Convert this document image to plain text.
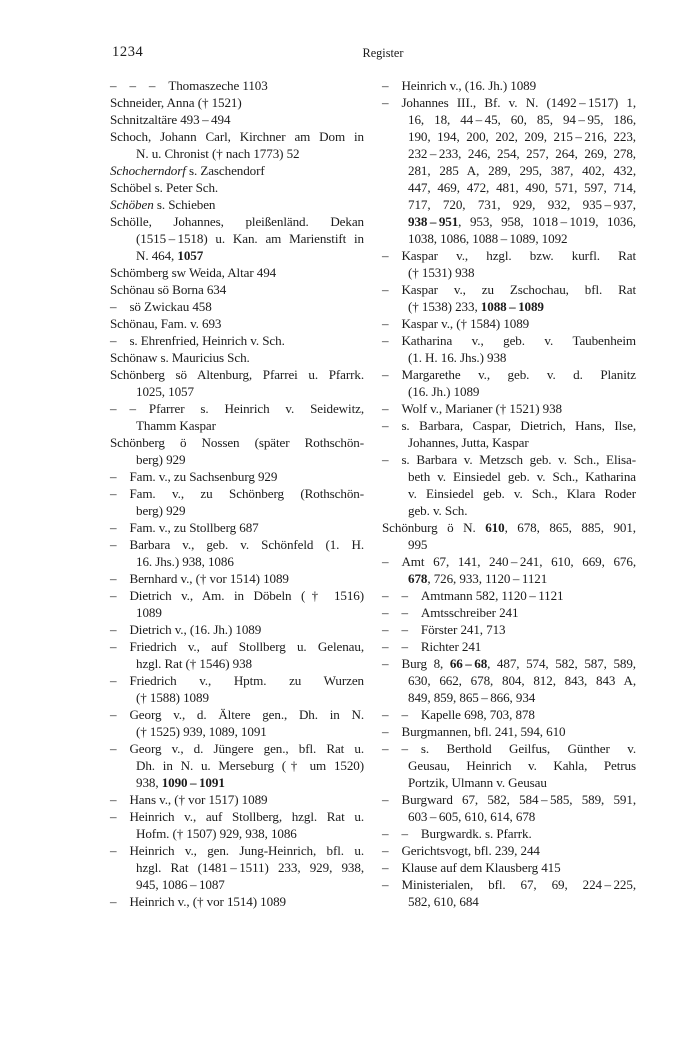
1234	Register
– – – Thomaszeche 1103
Schneider, Anna († 1521)
Schnitzaltäre 493 – 494
Schoch, Johann Carl, Kirchner am Dom in
N. u. Chronist († nach 1773) 52
Schocherndorf s. Zaschendorf
Schöbel s. Peter Sch.
Schöben s. Schieben
Schölle, Johannes, pleißenländ. Dekan
(1515 – 1518) u. Kan. am Marienstift in
N. 464, 1057
Schömberg sw Weida, Altar 494
Schönau sö Borna 634
– sö Zwickau 458
Schönau, Fam. v. 693
– s. Ehrenfried, Heinrich v. Sch.
Schönaw s. Mauricius Sch.
Schönberg sö Altenburg, Pfarrei u. Pfarrk.
1025, 1057
– – Pfarrer s. Heinrich v. Seidewitz,
Thamm Kaspar
Schönberg ö Nossen (später Rothschön-
berg) 929
– Fam. v., zu Sachsenburg 929
– Fam. v., zu Schönberg (Rothschön-
berg) 929
– Fam. v., zu Stollberg 687
– Barbara v., geb. v. Schönfeld (1. H.
16. Jhs.) 938, 1086
– Bernhard v., († vor 1514) 1089
– Dietrich v., Am. in Döbeln († 1516)
1089
– Dietrich v., (16. Jh.) 1089
– Friedrich v., auf Stollberg u. Gelenau,
hzgl. Rat († 1546) 938
– Friedrich v., Hptm. zu Wurzen
(† 1588) 1089
– Georg v., d. Ältere gen., Dh. in N.
(† 1525) 939, 1089, 1091
– Georg v., d. Jüngere gen., bfl. Rat u.
Dh. in N. u. Merseburg († um 1520)
938, 1090 – 1091
– Hans v., († vor 1517) 1089
– Heinrich v., auf Stollberg, hzgl. Rat u.
Hofm. († 1507) 929, 938, 1086
– Heinrich v., gen. Jung-Heinrich, bfl. u.
hzgl. Rat (1481 – 1511) 233, 929, 938,
945, 1086 – 1087
– Heinrich v., († vor 1514) 1089
– Heinrich v., (16. Jh.) 1089
– Johannes III., Bf. v. N. (1492 – 1517) 1,
16, 18, 44 – 45, 60, 85, 94 – 95, 186,
190, 194, 200, 202, 209, 215 – 216, 223,
232 – 233, 246, 254, 257, 264, 269, 278,
281, 285 A, 289, 295, 387, 402, 432,
447, 469, 472, 481, 490, 571, 597, 714,
717, 720, 731, 929, 932, 935 – 937,
938 – 951, 953, 958, 1018 – 1019, 1036,
1038, 1086, 1088 – 1089, 1092
– Kaspar v., hzgl. bzw. kurfl. Rat
(† 1531) 938
– Kaspar v., zu Zschochau, bfl. Rat
(† 1538) 233, 1088 – 1089
– Kaspar v., († 1584) 1089
– Katharina v., geb. v. Taubenheim
(1. H. 16. Jhs.) 938
– Margarethe v., geb. v. d. Planitz
(16. Jh.) 1089
– Wolf v., Marianer († 1521) 938
– s. Barbara, Caspar, Dietrich, Hans, Ilse,
Johannes, Jutta, Kaspar
– s. Barbara v. Metzsch geb. v. Sch., Elisa-
beth v. Einsiedel geb. v. Sch., Katharina
v. Einsiedel geb. v. Sch., Klara Roder
geb. v. Sch.
Schönburg ö N. 610, 678, 865, 885, 901,
995
– Amt 67, 141, 240 – 241, 610, 669, 676,
678, 726, 933, 1120 – 1121
– – Amtmann 582, 1120 – 1121
– – Amtsschreiber 241
– – Förster 241, 713
– – Richter 241
– Burg 8, 66 – 68, 487, 574, 582, 587, 589,
630, 662, 678, 804, 812, 843, 843 A,
849, 859, 865 – 866, 934
– – Kapelle 698, 703, 878
– Burgmannen, bfl. 241, 594, 610
– – s. Berthold Geilfus, Günther v.
Geusau, Heinrich v. Kahla, Petrus
Portzik, Ulmann v. Geusau
– Burgward 67, 582, 584 – 585, 589, 591,
603 – 605, 610, 614, 678
– – Burgwardk. s. Pfarrk.
– Gerichtsvogt, bfl. 239, 244
– Klause auf dem Klausberg 415
– Ministerialen, bfl. 67, 69, 224 – 225,
582, 610, 684
